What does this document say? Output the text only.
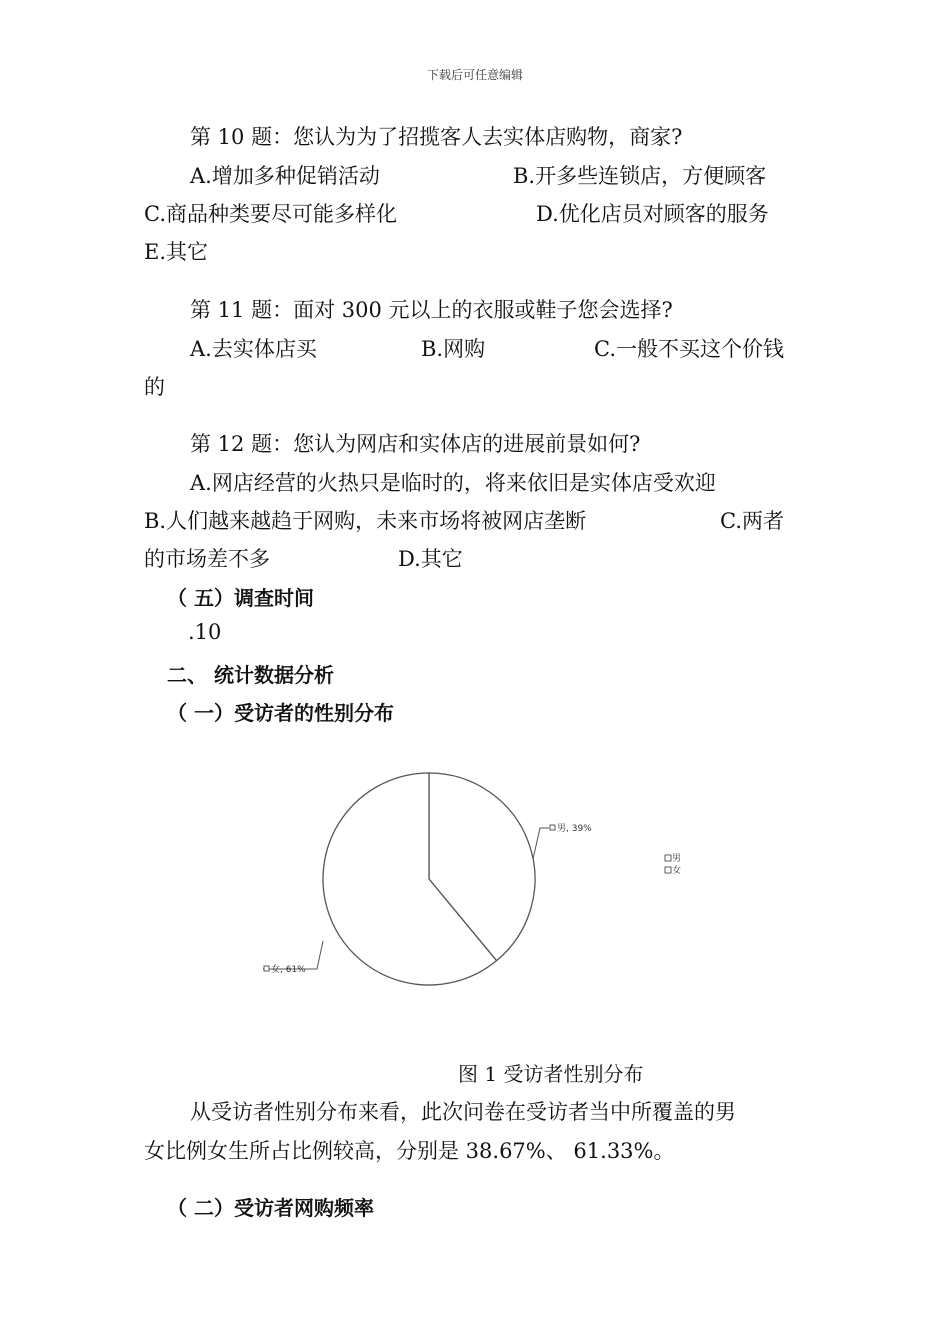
下载后可任意编辑
第 10 题：您认为为了招揽客人去实体店购物，商家?
A.增加多种促销活动	B.开多些连锁店，方便顾客
C.商品种类要尽可能多样化	D.优化店员对顾客的服务
E.其它
第 11 题：面对 300 元以上的衣服或鞋子您会选择?
A.去实体店买	B.网购	C.一般不买这个价钱
的
第 12 题：您认为网店和实体店的进展前景如何?
A.网店经营的火热只是临时的，将来依旧是实体店受欢迎
B.人们越来越趋于网购，未来市场将被网店垄断	C.两者
的市场差不多	D.其它
（ 五）调查时间
.10
二、 统计数据分析
（ 一）受访者的性别分布
男, 39%
女, 61%
男
女
图 1 受访者性别分布
从受访者性别分布来看，此次问卷在受访者当中所覆盖的男
女比例女生所占比例较高，分别是 38.67%、 61.33%。
（ 二）受访者网购频率
